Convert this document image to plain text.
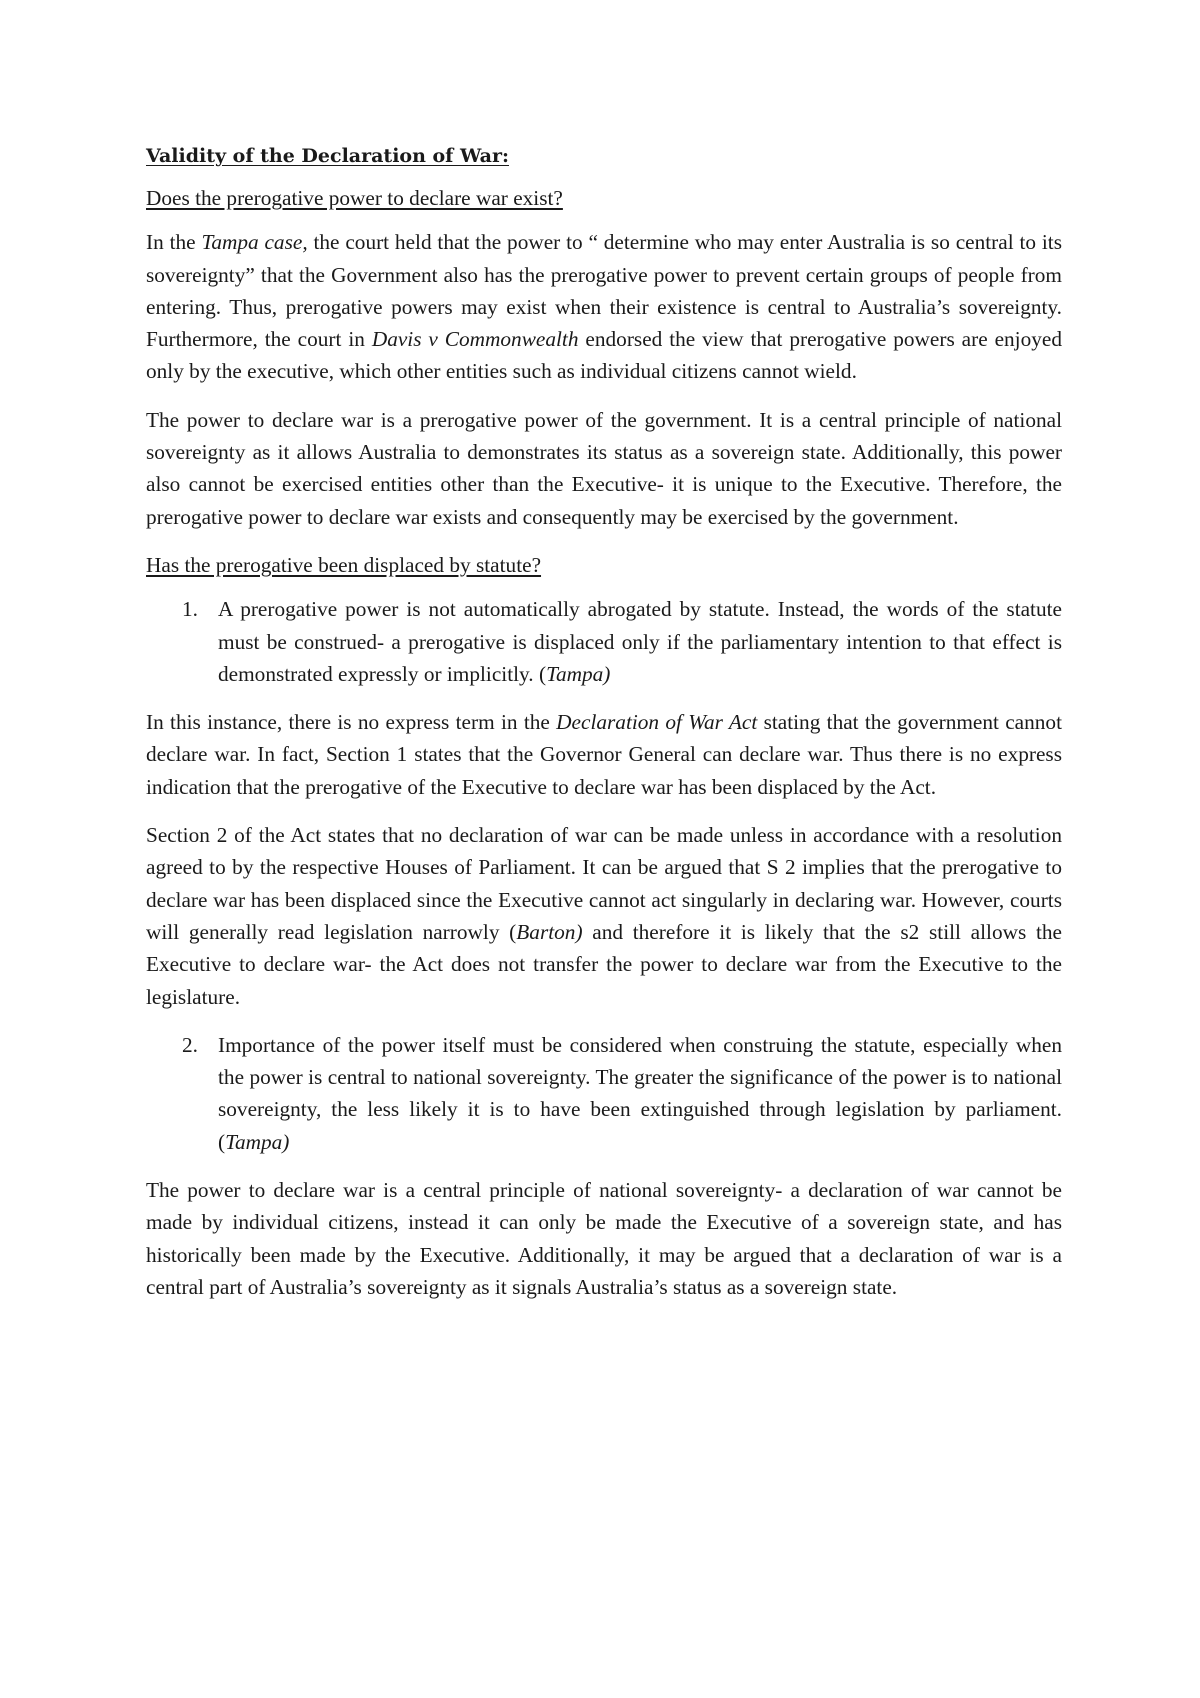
Validity of the Declaration of War:
Does the prerogative power to declare war exist?

In the Tampa case, the court held that the power to “ determine who may enter Australia is so central to its sovereignty” that the Government also has the prerogative power to prevent certain groups of people from entering. Thus, prerogative powers may exist when their existence is central to Australia’s sovereignty. Furthermore, the court in Davis v Commonwealth endorsed the view that prerogative powers are enjoyed only by the executive, which other entities such as individual citizens cannot wield.

The power to declare war is a prerogative power of the government. It is a central principle of national sovereignty as it allows Australia to demonstrates its status as a sovereign state. Additionally, this power also cannot be exercised entities other than the Executive- it is unique to the Executive. Therefore, the prerogative power to declare war exists and consequently may be exercised by the government.

Has the prerogative been displaced by statute?
1. A prerogative power is not automatically abrogated by statute. Instead, the words of the statute must be construed- a prerogative is displaced only if the parliamentary intention to that effect is demonstrated expressly or implicitly. (Tampa)

In this instance, there is no express term in the Declaration of War Act stating that the government cannot declare war. In fact, Section 1 states that the Governor General can declare war. Thus there is no express indication that the prerogative of the Executive to declare war has been displaced by the Act.

Section 2 of the Act states that no declaration of war can be made unless in accordance with a resolution agreed to by the respective Houses of Parliament. It can be argued that S 2 implies that the prerogative to declare war has been displaced since the Executive cannot act singularly in declaring war. However, courts will generally read legislation narrowly (Barton) and therefore it is likely that the s2 still allows the Executive to declare war- the Act does not transfer the power to declare war from the Executive to the legislature.

2. Importance of the power itself must be considered when construing the statute, especially when the power is central to national sovereignty. The greater the significance of the power is to national sovereignty, the less likely it is to have been extinguished through legislation by parliament. (Tampa)

The power to declare war is a central principle of national sovereignty- a declaration of war cannot be made by individual citizens, instead it can only be made the Executive of a sovereign state, and has historically been made by the Executive. Additionally, it may be argued that a declaration of war is a central part of Australia’s sovereignty as it signals Australia’s status as a sovereign state.
